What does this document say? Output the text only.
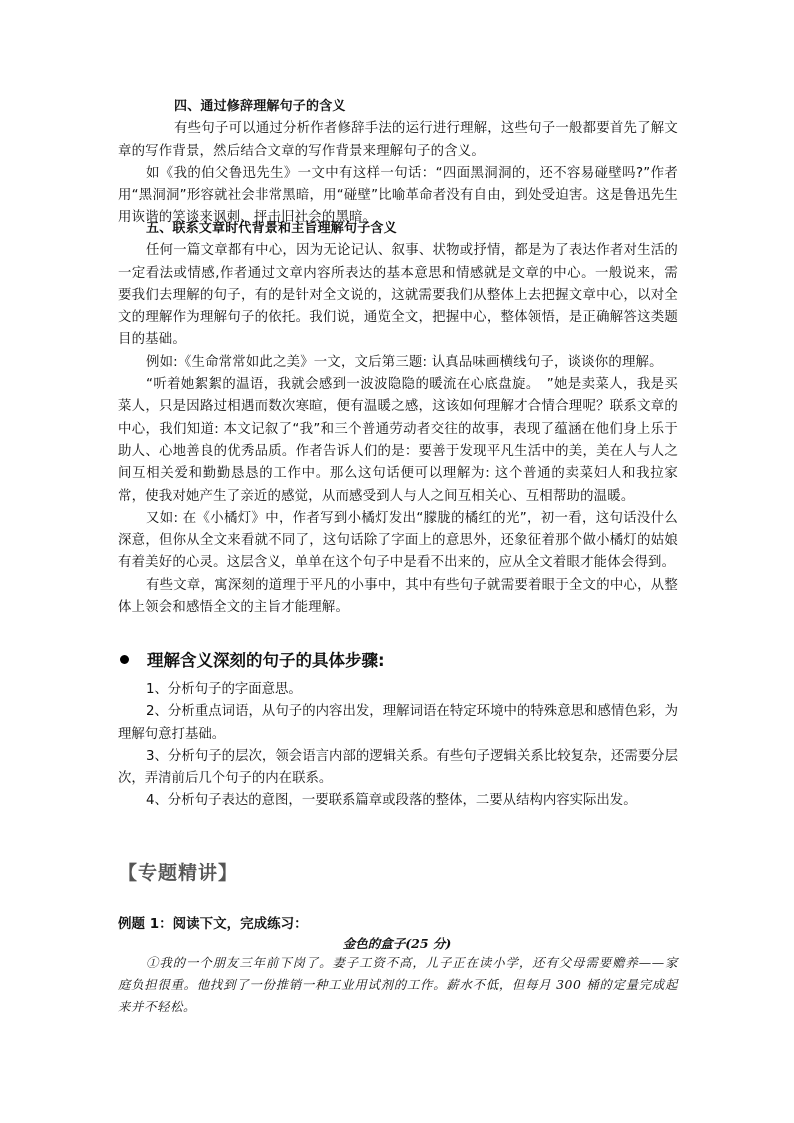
四、通过修辞理解句子的含义

有些句子可以通过分析作者修辞手法的运行进行理解，这些句子一般都要首先了解文章的写作背景，然后结合文章的写作背景来理解句子的含义。

如《我的伯父鲁迅先生》一文中有这样一句话：“四面黑洞洞的，还不容易碰壁吗?”作者用“黑洞洞”形容就社会非常黑暗，用“碰壁”比喻革命者没有自由，到处受迫害。这是鲁迅先生用诙谐的笑谈来讽刺、抨击旧社会的黑暗。

五、联系文章时代背景和主旨理解句子含义

任何一篇文章都有中心，因为无论记认、叙事、状物或抒情，都是为了表达作者对生活的一定看法或情感,作者通过文章内容所表达的基本意思和情感就是文章的中心。一般说来，需要我们去理解的句子，有的是针对全文说的，这就需要我们从整体上去把握文章中心，以对全文的理解作为理解句子的依托。我们说，通览全文，把握中心，整体领悟，是正确解答这类题目的基础。

例如:《生命常常如此之美》一文，文后第三题: 认真品味画横线句子，谈谈你的理解。

“听着她絮絮的温语，我就会感到一波波隐隐的暖流在心底盘旋。　”她是卖菜人，我是买菜人，只是因路过相遇而数次寒暄，便有温暖之感，这该如何理解才合情合理呢？联系文章的中心，我们知道: 本文记叙了“我”和三个普通劳动者交往的故事，表现了蕴涵在他们身上乐于助人、心地善良的优秀品质。作者告诉人们的是：要善于发现平凡生活中的美，美在人与人之间互相关爱和勤勤恳恳的工作中。那么这句话便可以理解为: 这个普通的卖菜妇人和我拉家常，使我对她产生了亲近的感觉，从而感受到人与人之间互相关心、互相帮助的温暖。

又如: 在《小橘灯》中，作者写到小橘灯发出“朦胧的橘红的光”，初一看，这句话没什么深意，但你从全文来看就不同了，这句话除了字面上的意思外，还象征着那个做小橘灯的姑娘有着美好的心灵。这层含义，单单在这个句子中是看不出来的，应从全文着眼才能体会得到。

有些文章，寓深刻的道理于平凡的小事中，其中有些句子就需要着眼于全文的中心，从整体上领会和感悟全文的主旨才能理解。

理解含义深刻的句子的具体步骤:

1、分析句子的字面意思。

2、分析重点词语，从句子的内容出发，理解词语在特定环境中的特殊意思和感情色彩，为理解句意打基础。

3、分析句子的层次，领会语言内部的逻辑关系。有些句子逻辑关系比较复杂，还需要分层次，弄清前后几个句子的内在联系。

4、分析句子表达的意图，一要联系篇章或段落的整体，二要从结构内容实际出发。

【专题精讲】
例题 1：阅读下文，完成练习：
金色的盒子(25 分)

①我的一个朋友三年前下岗了。妻子工资不高，儿子正在读小学，还有父母需要赡养——家庭负担很重。他找到了一份推销一种工业用试剂的工作。薪水不低，但每月 300 桶的定量完成起来并不轻松。
